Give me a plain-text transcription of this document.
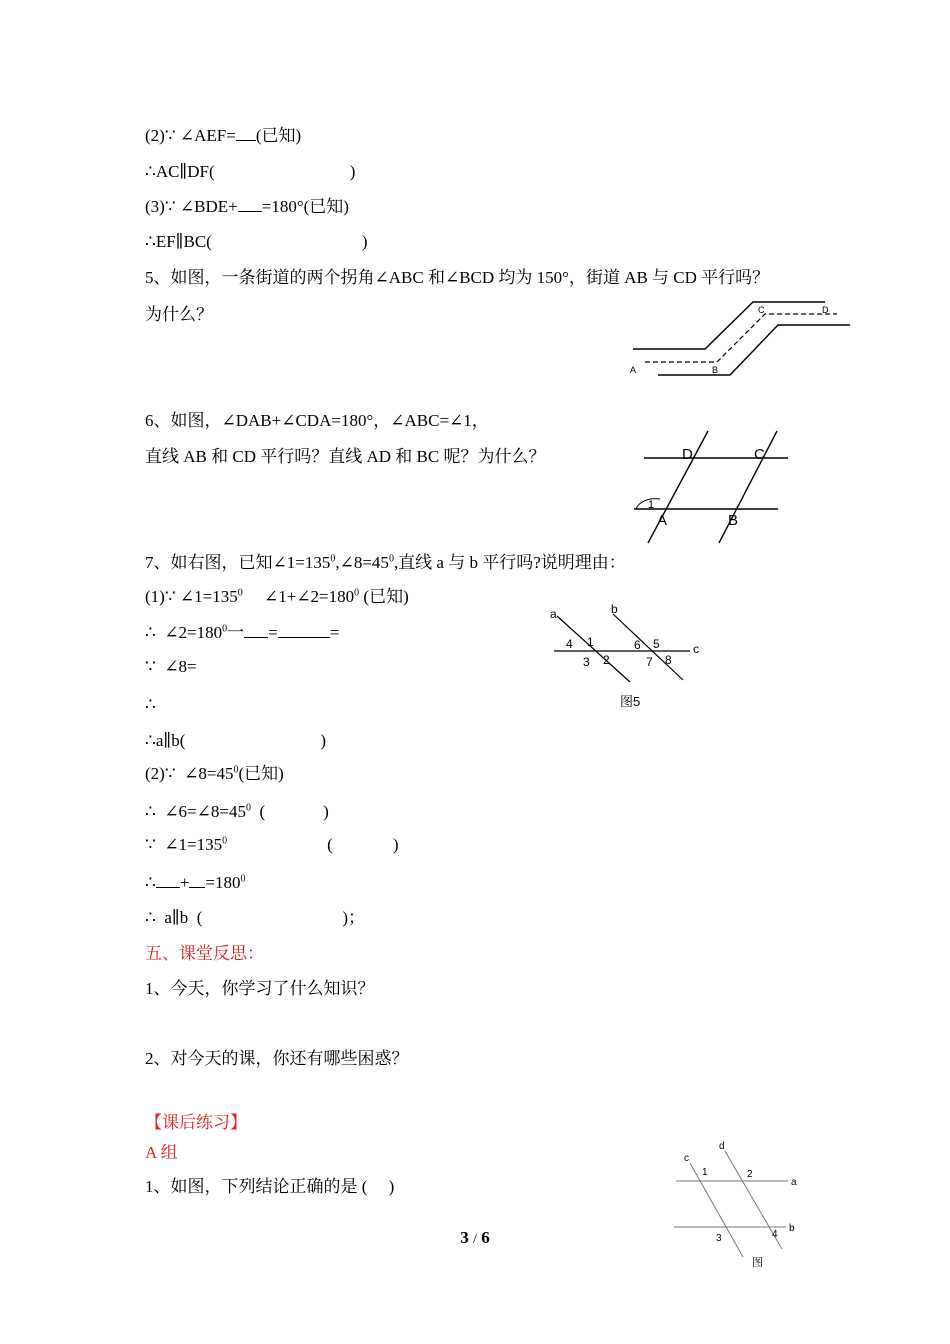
(2)∵ ∠AEF= (已知)
∴AC∥DF(	)
(3)∵ ∠BDE+ =180°(已知)
∴EF∥BC(	)
5、如图，一条街道的两个拐角∠ABC 和∠BCD 均为 150°，街道 AB 与 CD 平行吗？
为什么？
6、如图，∠DAB+∠CDA=180°，∠ABC=∠1，
直线 AB 和 CD 平行吗？直线 AD 和 BC 呢？为什么？
7、如右图，已知$\angle 1=135^0,\angle 8=45^0$,直线 a 与 b 平行吗?说明理由：
(1)∵ $\angle 1=135^0$     $\angle 1+\angle 2=180^0$ (已知)
∴  $\angle 2=180^0$一 =	=
∵  ∠8=
∴
∴a∥b(	)
(2)∵  $\angle 8=45^0$(已知)
∴  $\angle 6=\angle 8=45^0$  (	)
∵  $\angle 1=135^0$	(	)
∴ + $=180^0$
∴  a∥b  (	)；
五、课堂反思：
1、今天，你学习了什么知识？
2、对今天的课，你还有哪些困惑？
【课后练习】
A 组
1、如图，下列结论正确的是 (     )
A	B
C	D
1
D	C
A	B
a	b
c
4 1
3 2
6 5
7 8
图5
c
d
a
b
1	2
3	4
图
3 / 6
